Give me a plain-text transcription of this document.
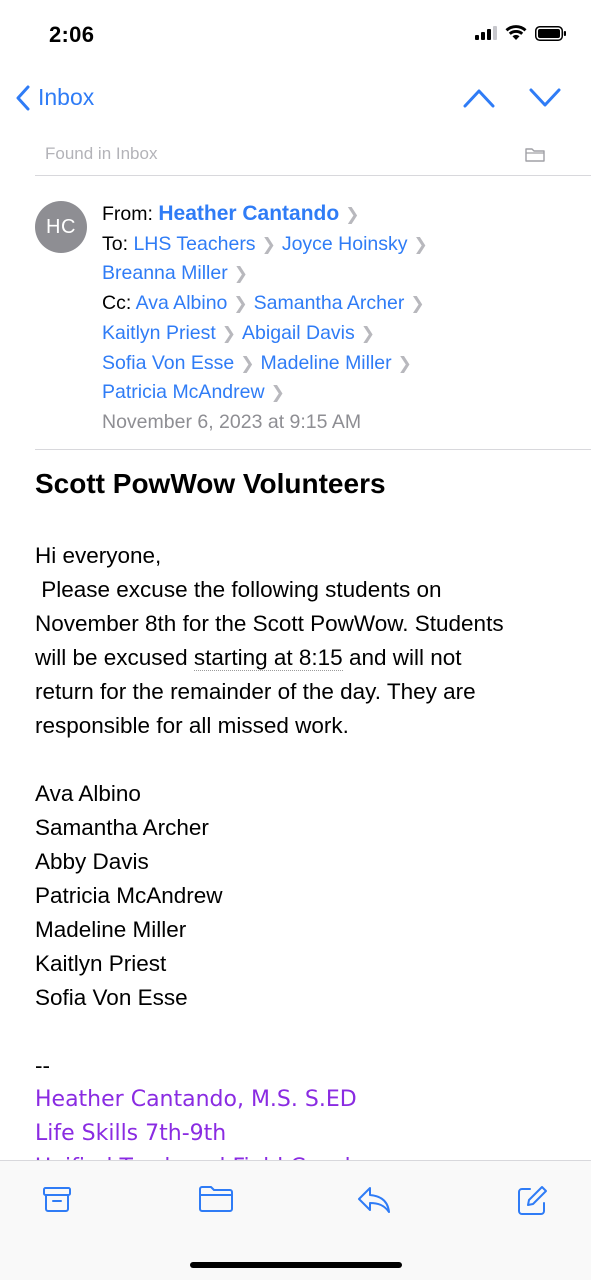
2:06
Inbox
Found in Inbox
HC
From: Heather Cantando ❯
To: LHS Teachers ❯ Joyce Hoinsky ❯
Breanna Miller ❯
Cc: Ava Albino ❯ Samantha Archer ❯
Kaitlyn Priest ❯ Abigail Davis ❯
Sofia Von Esse ❯ Madeline Miller ❯
Patricia McAndrew ❯
November 6, 2023 at 9:15 AM
Scott PowWow Volunteers

Hi everyone,

Please excuse the following students on

November 8th for the Scott PowWow. Students

will be excused starting at 8:15 and will not

return for the remainder of the day. They are

responsible for all missed work.

Ava Albino

Samantha Archer

Abby Davis

Patricia McAndrew

Madeline Miller

Kaitlyn Priest

Sofia Von Esse

--

Heather Cantando, M.S. S.ED

Life Skills 7th-9th
